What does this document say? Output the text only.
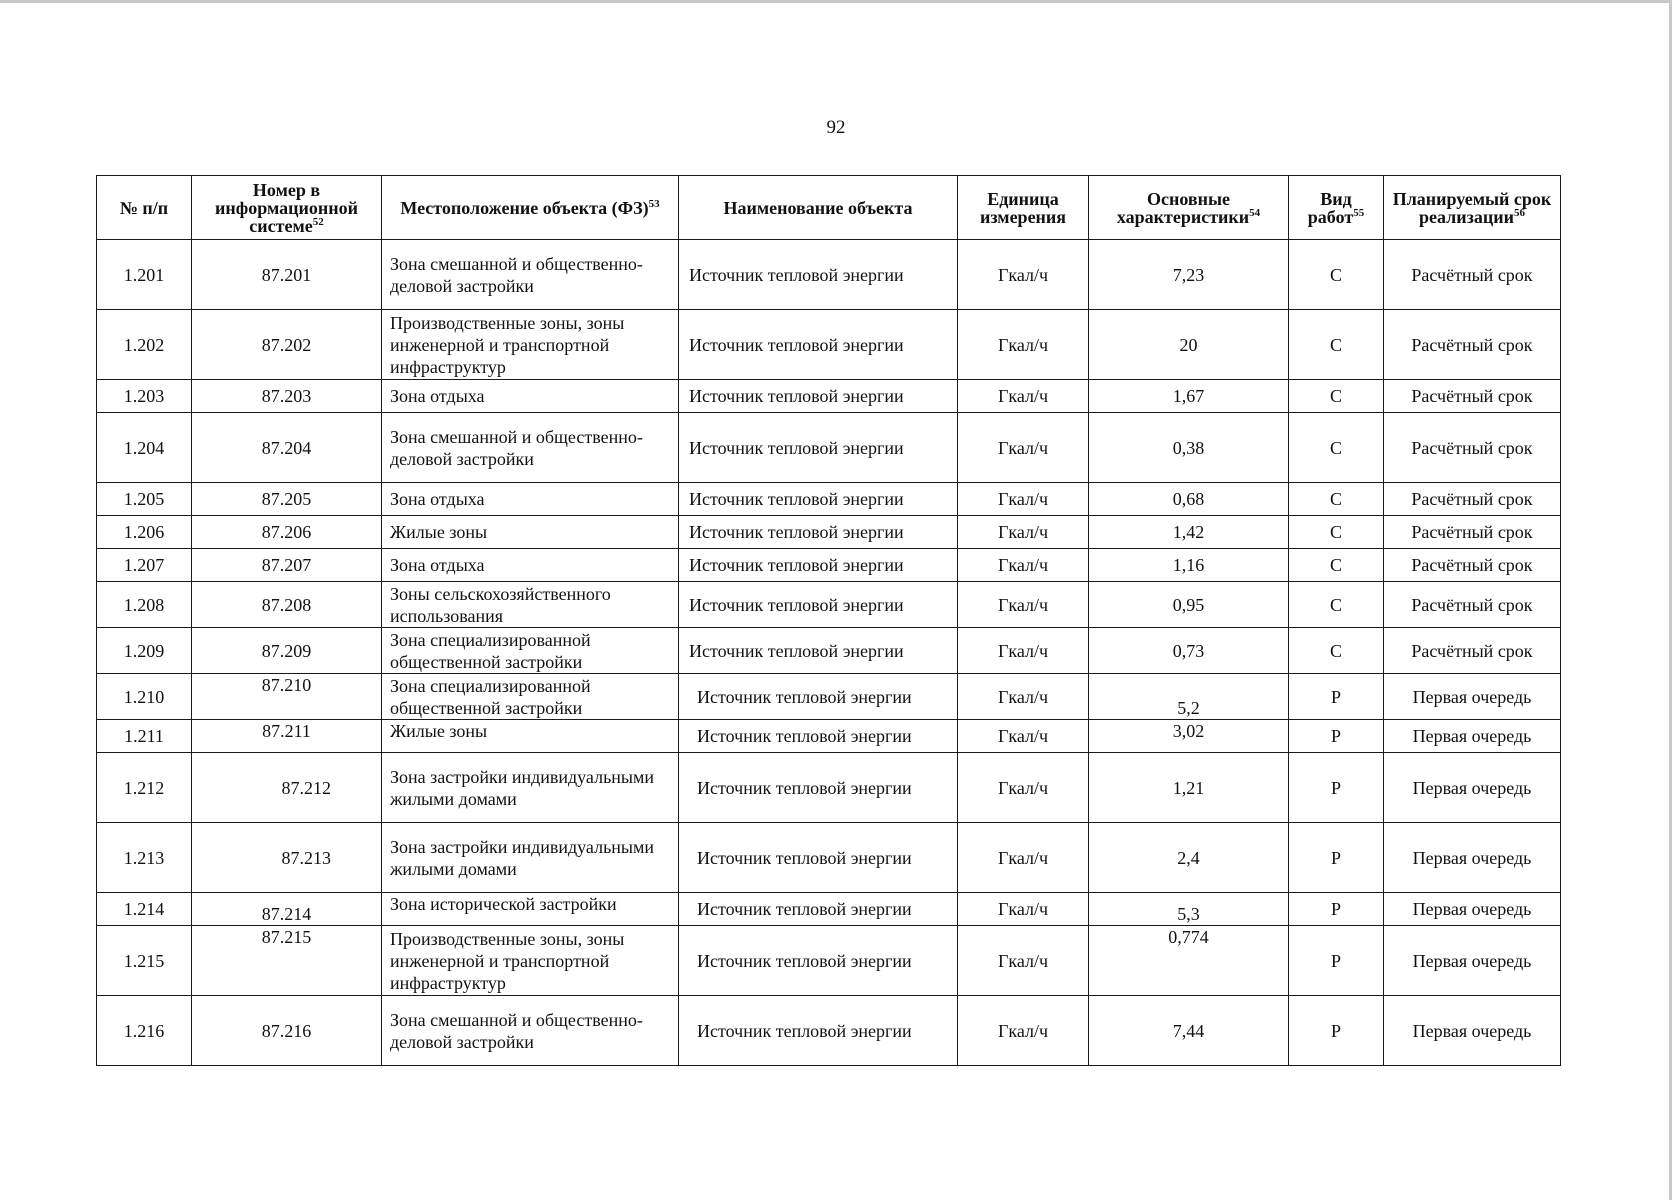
92
№ п/п	Номер в информационной системе$^{52}$	Местоположение объекта (ФЗ)$^{53}$	Наименование объекта	Единица измерения	Основные характеристики$^{54}$	Вид работ$^{55}$	Планируемый срок реализации$^{56}$
1.201	87.201	Зона смешанной и общественно-деловой застройки	Источник тепловой энергии	Гкал/ч	7,23	С	Расчётный срок
1.202	87.202	Производственные зоны, зоны инженерной и транспортной инфраструктур	Источник тепловой энергии	Гкал/ч	20	С	Расчётный срок
1.203	87.203	Зона отдыха	Источник тепловой энергии	Гкал/ч	1,67	С	Расчётный срок
1.204	87.204	Зона смешанной и общественно-деловой застройки	Источник тепловой энергии	Гкал/ч	0,38	С	Расчётный срок
1.205	87.205	Зона отдыха	Источник тепловой энергии	Гкал/ч	0,68	С	Расчётный срок
1.206	87.206	Жилые зоны	Источник тепловой энергии	Гкал/ч	1,42	С	Расчётный срок
1.207	87.207	Зона отдыха	Источник тепловой энергии	Гкал/ч	1,16	С	Расчётный срок
1.208	87.208	Зоны сельскохозяйственного использования	Источник тепловой энергии	Гкал/ч	0,95	С	Расчётный срок
1.209	87.209	Зона специализированной общественной застройки	Источник тепловой энергии	Гкал/ч	0,73	С	Расчётный срок
1.210	87.210	Зона специализированной общественной застройки	Источник тепловой энергии	Гкал/ч	5,2	Р	Первая очередь
1.211	87.211	Жилые зоны	Источник тепловой энергии	Гкал/ч	3,02	Р	Первая очередь
1.212	87.212	Зона застройки индивидуальными жилыми домами	Источник тепловой энергии	Гкал/ч	1,21	Р	Первая очередь
1.213	87.213	Зона застройки индивидуальными жилыми домами	Источник тепловой энергии	Гкал/ч	2,4	Р	Первая очередь
1.214	87.214	Зона исторической застройки	Источник тепловой энергии	Гкал/ч	5,3	Р	Первая очередь
1.215	87.215	Производственные зоны, зоны инженерной и транспортной инфраструктур	Источник тепловой энергии	Гкал/ч	0,774	Р	Первая очередь
1.216	87.216	Зона смешанной и общественно-деловой застройки	Источник тепловой энергии	Гкал/ч	7,44	Р	Первая очередь
